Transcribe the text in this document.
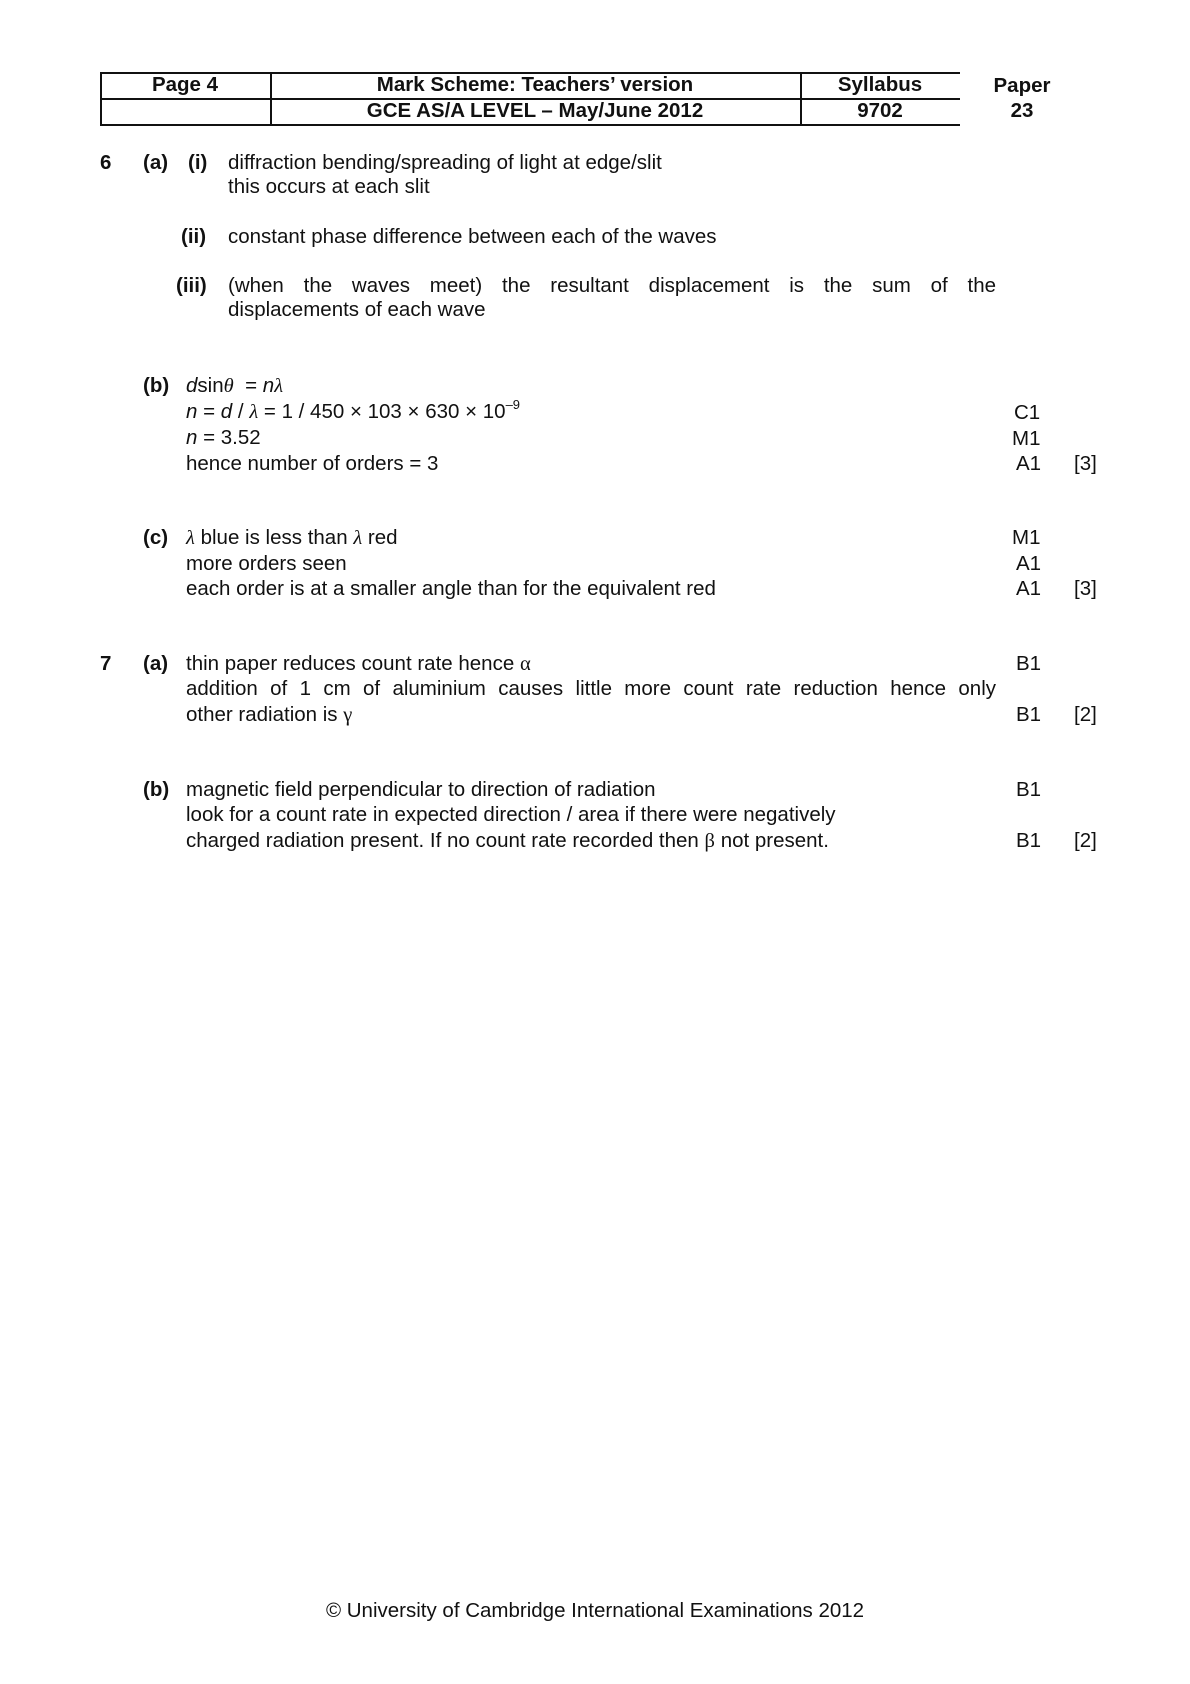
Page 4	Mark Scheme: Teachers’ version
GCE AS/A LEVEL – May/June 2012
Syllabus
9702
Paper
23
6 (a) (i) diffraction bending/spreading of light at edge/slit
this occurs at each slit
(ii) constant phase difference between each of the waves
(iii) (when the waves meet) the resultant displacement is the sum of the
displacements of each wave
(b) dsinθ = nλ
$n = d / \lambda = 1 / 450 \times 103 \times 630 \times 10^{-9}$
n = 3.52
hence number of orders = 3
C1
M1
A1 [3]
(c) λ blue is less than λ red
more orders seen
each order is at a smaller angle than for the equivalent red
M1
A1
A1 [3]
7 (a) thin paper reduces count rate hence α
addition of 1 cm of aluminium causes little more count rate reduction hence only
other radiation is γ
B1
B1 [2]
(b) magnetic field perpendicular to direction of radiation
look for a count rate in expected direction / area if there were negatively
charged radiation present. If no count rate recorded then β not present.
B1
B1 [2]
© University of Cambridge International Examinations 2012
